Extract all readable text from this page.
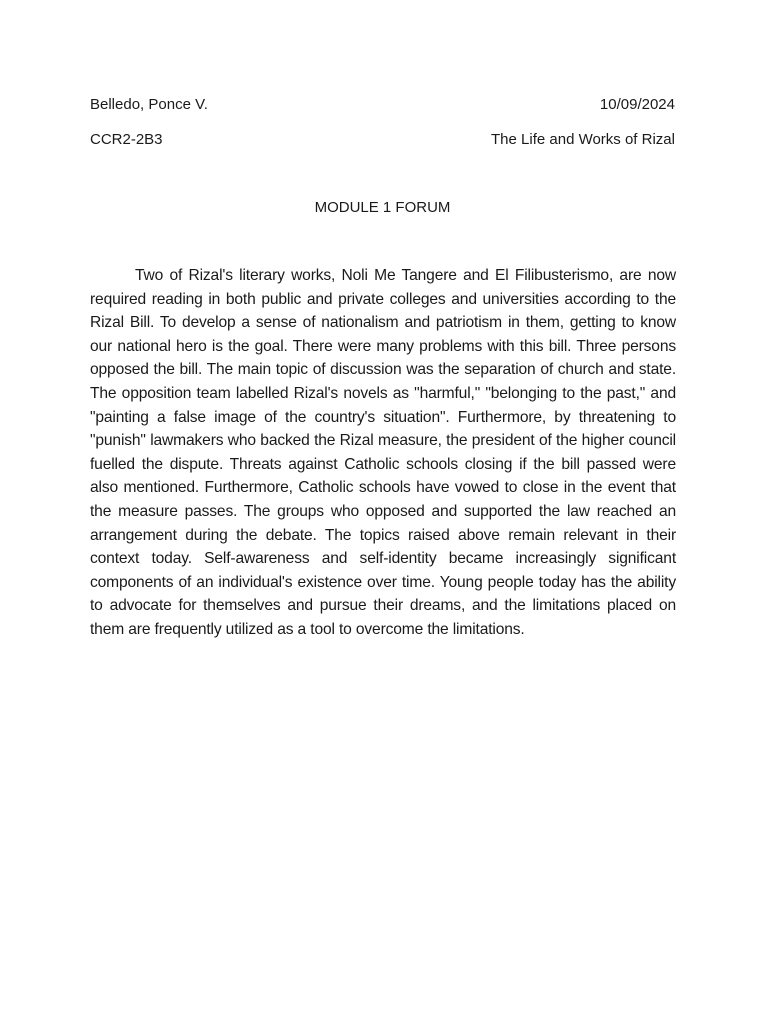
Belledo, Ponce V.	10/09/2024
CCR2-2B3	The Life and Works of Rizal
MODULE 1 FORUM

Two of Rizal's literary works, Noli Me Tangere and El Filibusterismo, are now required reading in both public and private colleges and universities according to the Rizal Bill. To develop a sense of nationalism and patriotism in them, getting to know our national hero is the goal. There were many problems with this bill. Three persons opposed the bill. The main topic of discussion was the separation of church and state. The opposition team labelled Rizal's novels as "harmful," "belonging to the past," and "painting a false image of the country's situation". Furthermore, by threatening to "punish" lawmakers who backed the Rizal measure, the president of the higher council fuelled the dispute. Threats against Catholic schools closing if the bill passed were also mentioned. Furthermore, Catholic schools have vowed to close in the event that the measure passes. The groups who opposed and supported the law reached an arrangement during the debate. The topics raised above remain relevant in their context today. Self-awareness and self-identity became increasingly significant components of an individual's existence over time. Young people today has the ability to advocate for themselves and pursue their dreams, and the limitations placed on them are frequently utilized as a tool to overcome the limitations.
